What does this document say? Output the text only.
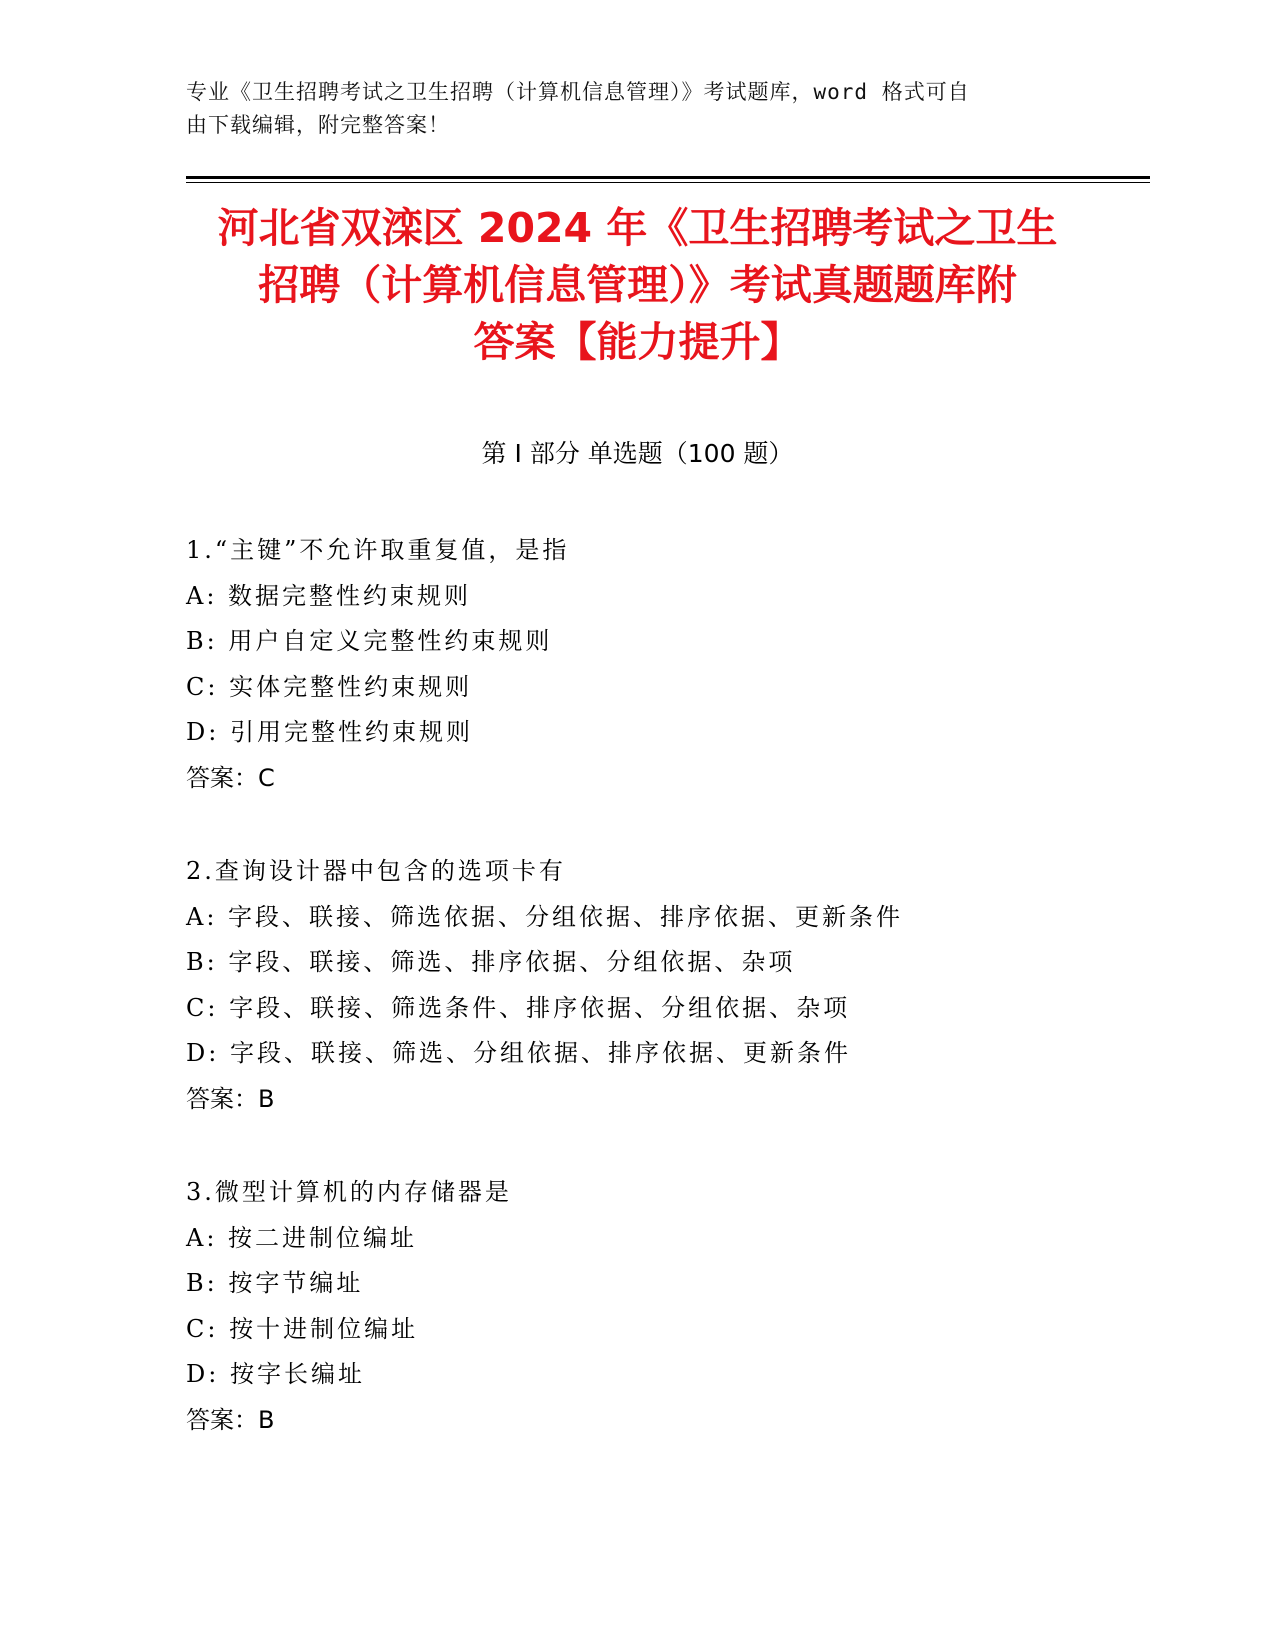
专业《卫生招聘考试之卫生招聘（计算机信息管理）》考试题库，word 格式可自
由下载编辑，附完整答案！
河北省双滦区 2024 年《卫生招聘考试之卫生
招聘（计算机信息管理）》考试真题题库附
答案【能力提升】
第 I 部分 单选题（100 题）
1.“主键”不允许取重复值，是指
A: 数据完整性约束规则
B: 用户自定义完整性约束规则
C: 实体完整性约束规则
D: 引用完整性约束规则
答案：C
2.查询设计器中包含的选项卡有
A: 字段、联接、筛选依据、分组依据、排序依据、更新条件
B: 字段、联接、筛选、排序依据、分组依据、杂项
C: 字段、联接、筛选条件、排序依据、分组依据、杂项
D: 字段、联接、筛选、分组依据、排序依据、更新条件
答案：B
3.微型计算机的内存储器是
A: 按二进制位编址
B: 按字节编址
C: 按十进制位编址
D: 按字长编址
答案：B
